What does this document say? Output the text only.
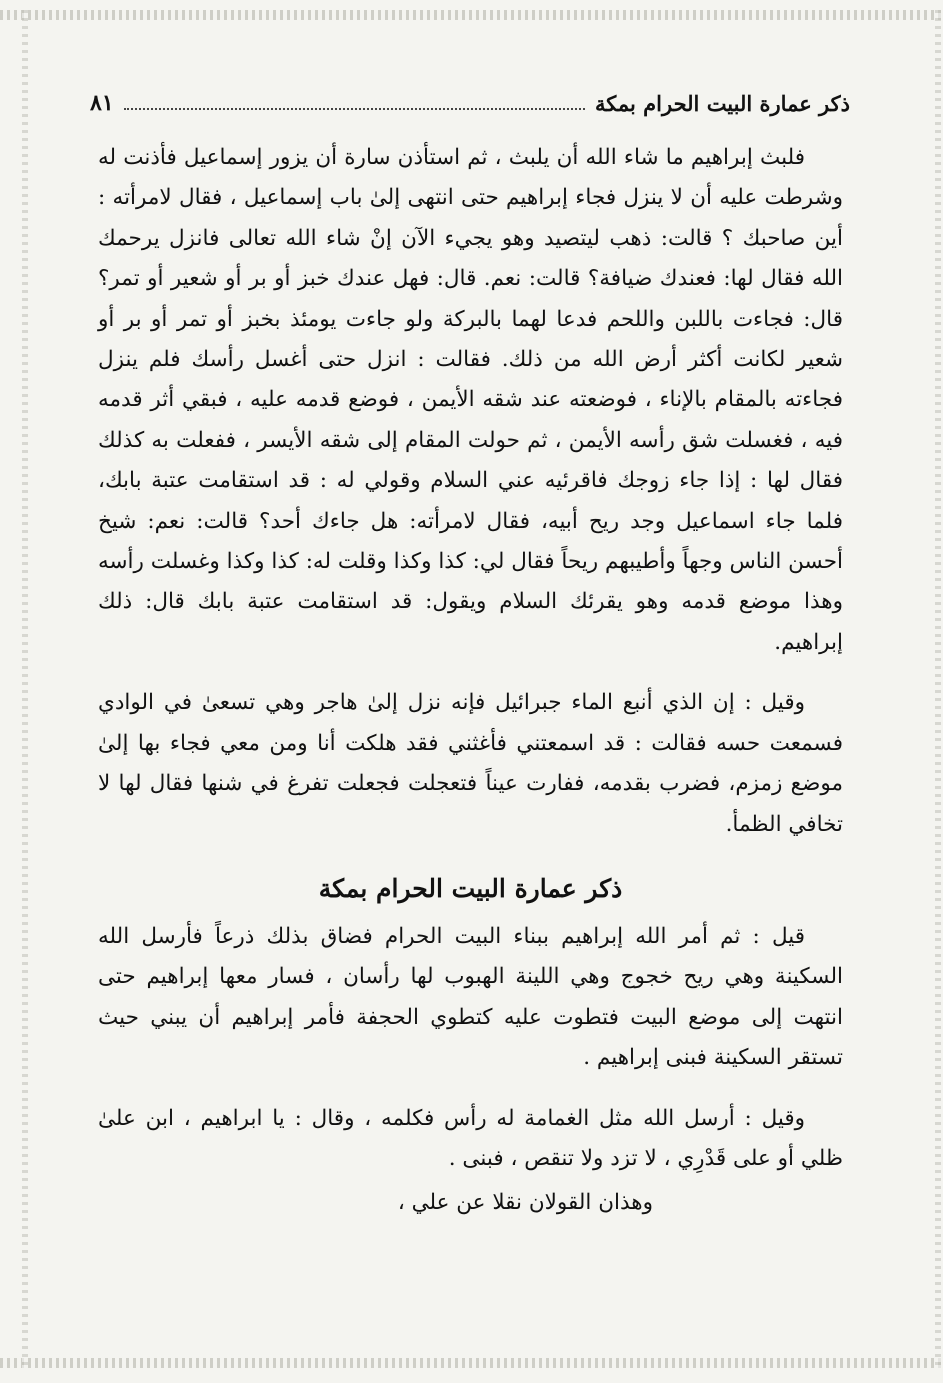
ذكر عمارة البيت الحرام بمكة
٨١

فلبث إبراهيم ما شاء الله أن يلبث ، ثم استأذن سارة أن يزور إسماعيل فأذنت له وشرطت عليه أن لا ينزل فجاء إبراهيم حتى انتهى إلىٰ باب إسماعيل ، فقال لامرأته : أين صاحبك ؟ قالت: ذهب ليتصيد وهو يجيء الآن إنْ شاء الله تعالى فانزل يرحمك الله فقال لها: فعندك ضيافة؟ قالت: نعم. قال: فهل عندك خبز أو بر أو شعير أو تمر؟ قال: فجاءت باللبن واللحم فدعا لهما بالبركة ولو جاءت يومئذ بخبز أو تمر أو بر أو شعير لكانت أكثر أرض الله من ذلك. فقالت : انزل حتى أغسل رأسك فلم ينزل فجاءته بالمقام بالإناء ، فوضعته عند شقه الأيمن ، فوضع قدمه عليه ، فبقي أثر قدمه فيه ، فغسلت شق رأسه الأيمن ، ثم حولت المقام إلى شقه الأيسر ، ففعلت به كذلك فقال لها : إذا جاء زوجك فاقرئيه عني السلام وقولي له : قد استقامت عتبة بابك، فلما جاء اسماعيل وجد ريح أبيه، فقال لامرأته: هل جاءك أحد؟ قالت: نعم: شيخ أحسن الناس وجهاً وأطيبهم ريحاً فقال لي: كذا وكذا وقلت له: كذا وكذا وغسلت رأسه وهذا موضع قدمه وهو يقرئك السلام ويقول: قد استقامت عتبة بابك قال: ذلك إبراهيم.

وقيل : إن الذي أنبع الماء جبرائيل فإنه نزل إلىٰ هاجر وهي تسعىٰ في الوادي فسمعت حسه فقالت : قد اسمعتني فأغثني فقد هلكت أنا ومن معي فجاء بها إلىٰ موضع زمزم، فضرب بقدمه، ففارت عيناً فتعجلت فجعلت تفرغ في شنها فقال لها لا تخافي الظمأ.

ذكر عمارة البيت الحرام بمكة

قيل : ثم أمر الله إبراهيم ببناء البيت الحرام فضاق بذلك ذرعاً فأرسل الله السكينة وهي ريح خجوج وهي اللينة الهبوب لها رأسان ، فسار معها إبراهيم حتى انتهت إلى موضع البيت فتطوت عليه كتطوي الحجفة فأمر إبراهيم أن يبني حيث تستقر السكينة فبنى إبراهيم .

وقيل : أرسل الله مثل الغمامة له رأس فكلمه ، وقال : يا ابراهيم ، ابن علىٰ ظلي أو على قَدْرِي ، لا تزد ولا تنقص ، فبنى .

وهذان القولان نقلا عن علي ،
